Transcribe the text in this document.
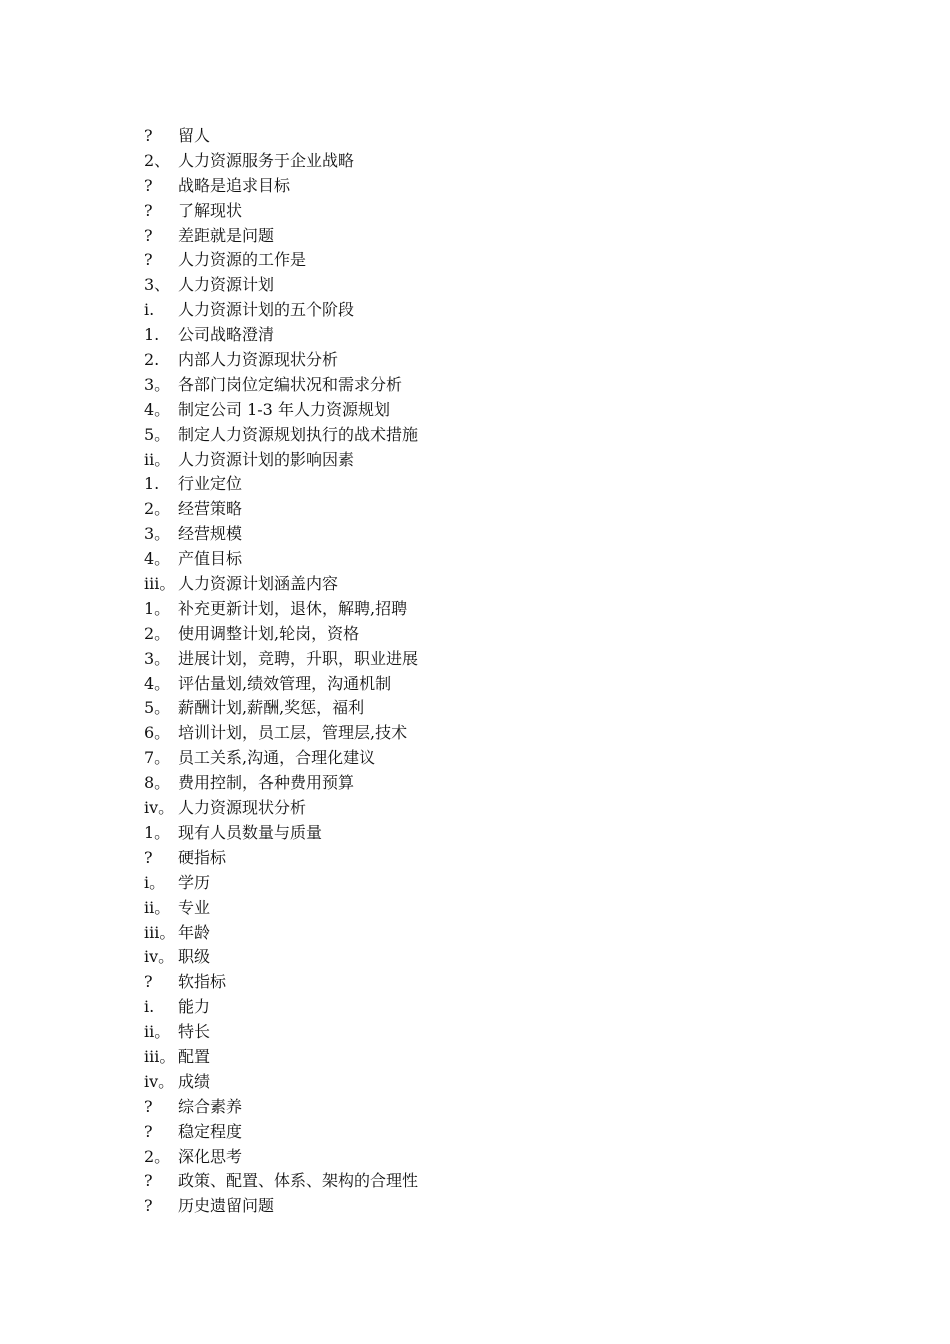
?	留人
2、 人力资源服务于企业战略
?	战略是追求目标
?	了解现状
?	差距就是问题
?	人力资源的工作是
3、 人力资源计划
i.	人力资源计划的五个阶段
1.	公司战略澄清
2.	内部人力资源现状分析
3。 各部门岗位定编状况和需求分析
4。 制定公司 1-3 年人力资源规划
5。 制定人力资源规划执行的战术措施
ii。 人力资源计划的影响因素
1.	行业定位
2。 经营策略
3。 经营规模
4。 产值目标
iii。 人力资源计划涵盖内容
1。 补充更新计划，退休，解聘,招聘
2。 使用调整计划,轮岗，资格
3。 进展计划，竞聘，升职，职业进展
4。 评估量划,绩效管理，沟通机制
5。 薪酬计划,薪酬,奖惩，福利
6。 培训计划，员工层，管理层,技术
7。 员工关系,沟通，合理化建议
8。 费用控制，各种费用预算
iv。 人力资源现状分析
1。 现有人员数量与质量
?	硬指标
i。 学历
ii。 专业
iii。 年龄
iv。 职级
?	软指标
i.	能力
ii。 特长
iii。 配置
iv。 成绩
?	综合素养
?	稳定程度
2。 深化思考
?	政策、配置、体系、架构的合理性
?	历史遗留问题
